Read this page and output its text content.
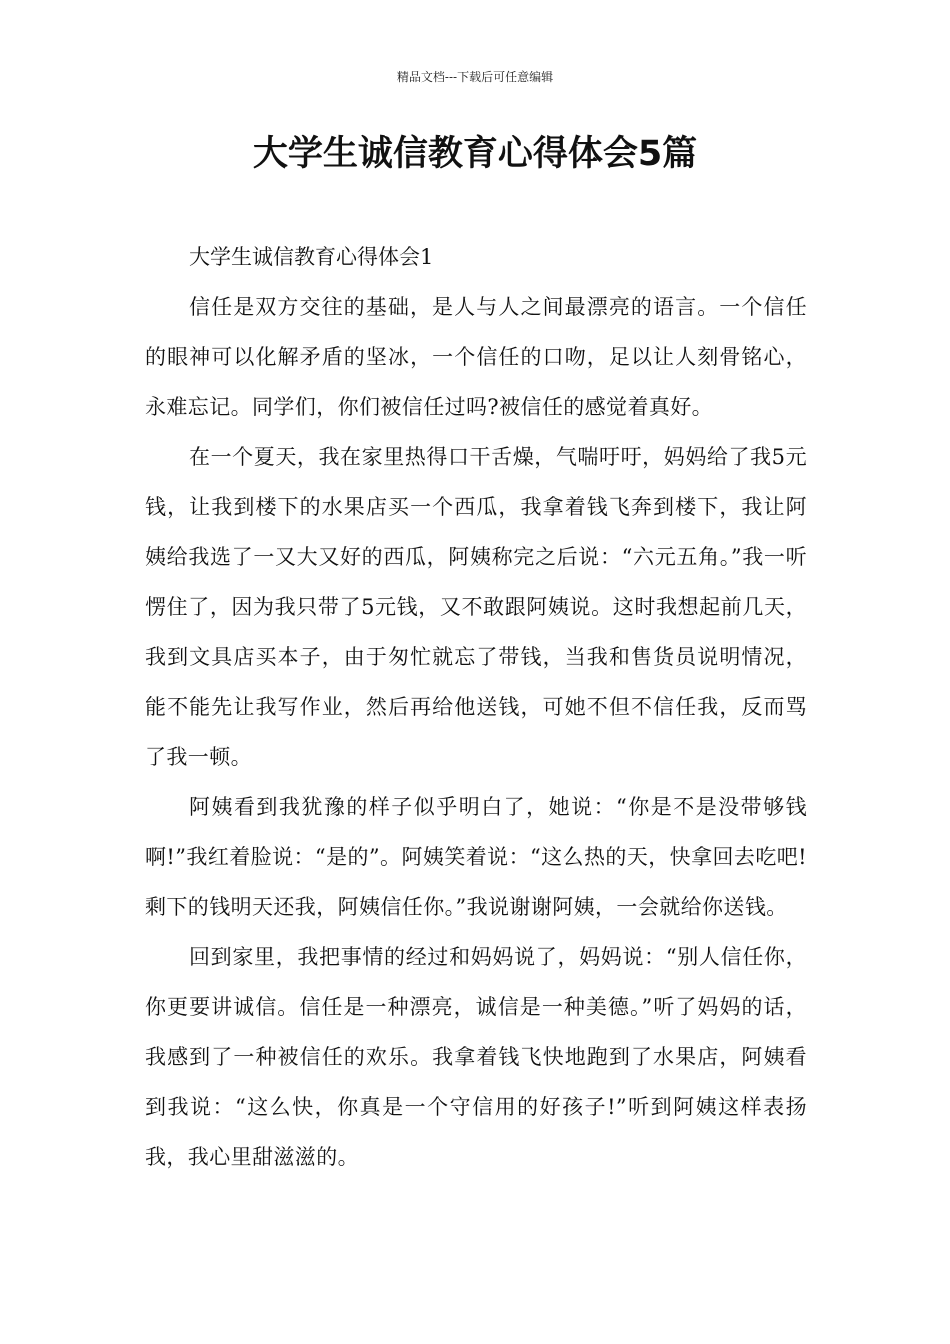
精品文档---下载后可任意编辑
大学生诚信教育心得体会5篇

大学生诚信教育心得体会1

信任是双方交往的基础，是人与人之间最漂亮的语言。一个信任的眼神可以化解矛盾的坚冰，一个信任的口吻，足以让人刻骨铭心，永难忘记。同学们，你们被信任过吗?被信任的感觉着真好。

在一个夏天，我在家里热得口干舌燥，气喘吁吁，妈妈给了我5元钱，让我到楼下的水果店买一个西瓜，我拿着钱飞奔到楼下，我让阿姨给我选了一又大又好的西瓜，阿姨称完之后说：“六元五角。”我一听愣住了，因为我只带了5元钱，又不敢跟阿姨说。这时我想起前几天，我到文具店买本子，由于匆忙就忘了带钱，当我和售货员说明情况，能不能先让我写作业，然后再给他送钱，可她不但不信任我，反而骂了我一顿。

阿姨看到我犹豫的样子似乎明白了，她说：“你是不是没带够钱啊!”我红着脸说：“是的”。阿姨笑着说：“这么热的天，快拿回去吃吧!剩下的钱明天还我，阿姨信任你。”我说谢谢阿姨，一会就给你送钱。

回到家里，我把事情的经过和妈妈说了，妈妈说：“别人信任你，你更要讲诚信。信任是一种漂亮，诚信是一种美德。”听了妈妈的话，我感到了一种被信任的欢乐。我拿着钱飞快地跑到了水果店，阿姨看到我说：“这么快，你真是一个守信用的好孩子!”听到阿姨这样表扬我，我心里甜滋滋的。
